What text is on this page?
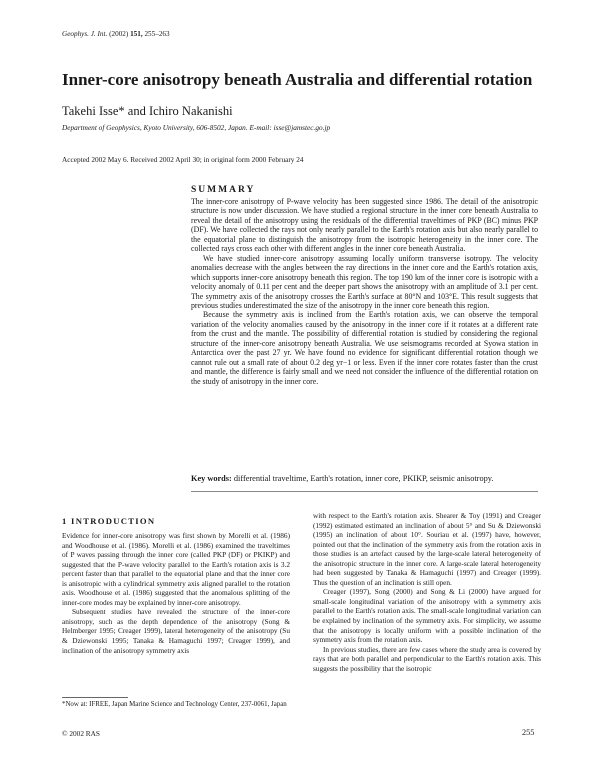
Geophys. J. Int. (2002) 151, 255–263
Inner-core anisotropy beneath Australia and differential rotation
Takehi Isse* and Ichiro Nakanishi
Department of Geophysics, Kyoto University, 606-8502, Japan. E-mail: isse@jamstec.go.jp
Accepted 2002 May 6. Received 2002 April 30; in original form 2000 February 24
SUMMARY

The inner-core anisotropy of P-wave velocity has been suggested since 1986. The detail of the anisotropic structure is now under discussion. We have studied a regional structure in the inner core beneath Australia to reveal the detail of the anisotropy using the residuals of the differential traveltimes of PKP (BC) minus PKP (DF). We have collected the rays not only nearly parallel to the Earth's rotation axis but also nearly parallel to the equatorial plane to distinguish the anisotropy from the isotropic heterogeneity in the inner core. The collected rays cross each other with different angles in the inner core beneath Australia.

We have studied inner-core anisotropy assuming locally uniform transverse isotropy. The velocity anomalies decrease with the angles between the ray directions in the inner core and the Earth's rotation axis, which supports inner-core anisotropy beneath this region. The top 190 km of the inner core is isotropic with a velocity anomaly of 0.11 per cent and the deeper part shows the anisotropy with an amplitude of 3.1 per cent. The symmetry axis of the anisotropy crosses the Earth's surface at 80°N and 103°E. This result suggests that previous studies underestimated the size of the anisotropy in the inner core beneath this region.

Because the symmetry axis is inclined from the Earth's rotation axis, we can observe the temporal variation of the velocity anomalies caused by the anisotropy in the inner core if it rotates at a different rate from the crust and the mantle. The possibility of differential rotation is studied by considering the regional structure of the inner-core anisotropy beneath Australia. We use seismograms recorded at Syowa station in Antarctica over the past 27 yr. We have found no evidence for significant differential rotation though we cannot rule out a small rate of about 0.2 deg yr−1 or less. Even if the inner core rotates faster than the crust and mantle, the difference is fairly small and we need not consider the influence of the differential rotation on the study of anisotropy in the inner core.

Key words: differential traveltime, Earth's rotation, inner core, PKIKP, seismic anisotropy.
1 INTRODUCTION

Evidence for inner-core anisotropy was first shown by Morelli et al. (1986) and Woodhouse et al. (1986). Morelli et al. (1986) examined the traveltimes of P waves passing through the inner core (called PKP (DF) or PKIKP) and suggested that the P-wave velocity parallel to the Earth's rotation axis is 3.2 percent faster than that parallel to the equatorial plane and that the inner core is anisotropic with a cylindrical symmetry axis aligned parallel to the rotation axis. Woodhouse et al. (1986) suggested that the anomalous splitting of the inner-core modes may be explained by inner-core anisotropy.

Subsequent studies have revealed the structure of the inner-core anisotropy, such as the depth dependence of the anisotropy (Song & Helmberger 1995; Creager 1999), lateral heterogeneity of the anisotropy (Su & Dziewonski 1995; Tanaka & Hamaguchi 1997; Creager 1999), and inclination of the anisotropy symmetry axis

with respect to the Earth's rotation axis. Shearer & Toy (1991) and Creager (1992) estimated estimated an inclination of about 5° and Su & Dziewonski (1995) an inclination of about 10°. Souriau et al. (1997) have, however, pointed out that the inclination of the symmetry axis from the rotation axis in those studies is an artefact caused by the large-scale lateral heterogeneity of the anisotropic structure in the inner core. A large-scale lateral heterogeneity had been suggested by Tanaka & Hamaguchi (1997) and Creager (1999). Thus the question of an inclination is still open.

Creager (1997), Song (2000) and Song & Li (2000) have argued for small-scale longitudinal variation of the anisotropy with a symmetry axis parallel to the Earth's rotation axis. The small-scale longitudinal variation can be explained by inclination of the symmetry axis. For simplicity, we assume that the anisotropy is locally uniform with a possible inclination of the symmetry axis from the rotation axis.

In previous studies, there are few cases where the study area is covered by rays that are both parallel and perpendicular to the Earth's rotation axis. This suggests the possibility that the isotropic

*Now at: IFREE, Japan Marine Science and Technology Center, 237-0061, Japan
© 2002 RAS	255
